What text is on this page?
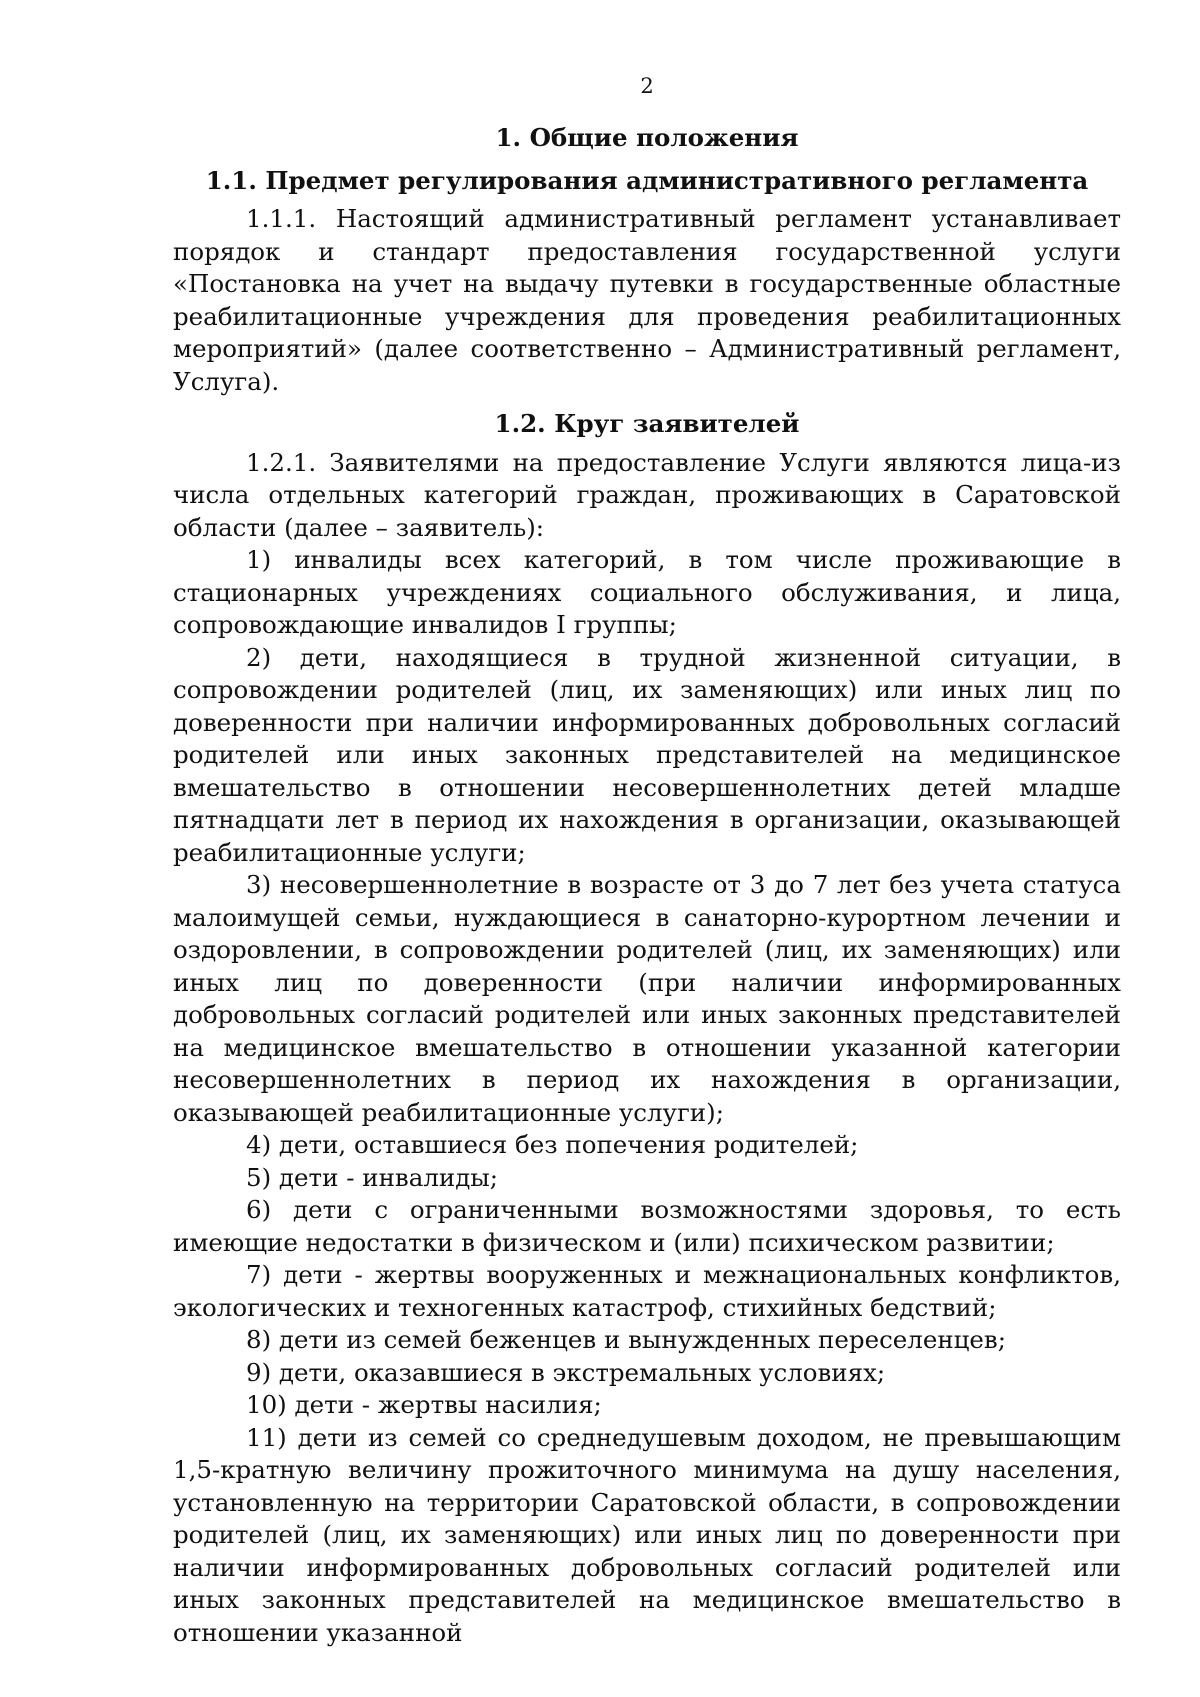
2

1. Общие положения

1.1. Предмет регулирования административного регламента

1.1.1. Настоящий административный регламент устанавливает порядок и стандарт предоставления государственной услуги «Постановка на учет на выдачу путевки в государственные областные реабилитационные учреждения для проведения реабилитационных мероприятий» (далее соответственно – Административный регламент, Услуга).

1.2. Круг заявителей

1.2.1. Заявителями на предоставление Услуги являются лица-из числа отдельных категорий граждан, проживающих в Саратовской области (далее – заявитель):

1) инвалиды всех категорий, в том числе проживающие в стационарных учреждениях социального обслуживания, и лица, сопровождающие инвалидов I группы;

2) дети, находящиеся в трудной жизненной ситуации, в сопровождении родителей (лиц, их заменяющих) или иных лиц по доверенности при наличии информированных добровольных согласий родителей или иных законных представителей на медицинское вмешательство в отношении несовершеннолетних детей младше пятнадцати лет в период их нахождения в организации, оказывающей реабилитационные услуги;

3) несовершеннолетние в возрасте от 3 до 7 лет без учета статуса малоимущей семьи, нуждающиеся в санаторно-курортном лечении и оздоровлении, в сопровождении родителей (лиц, их заменяющих) или иных лиц по доверенности (при наличии информированных добровольных согласий родителей или иных законных представителей на медицинское вмешательство в отношении указанной категории несовершеннолетних в период их нахождения в организации, оказывающей реабилитационные услуги);

4) дети, оставшиеся без попечения родителей;

5) дети - инвалиды;

6) дети с ограниченными возможностями здоровья, то есть имеющие недостатки в физическом и (или) психическом развитии;

7) дети - жертвы вооруженных и межнациональных конфликтов, экологических и техногенных катастроф, стихийных бедствий;

8) дети из семей беженцев и вынужденных переселенцев;

9) дети, оказавшиеся в экстремальных условиях;

10) дети - жертвы насилия;

11) дети из семей со среднедушевым доходом, не превышающим 1,5-кратную величину прожиточного минимума на душу населения, установленную на территории Саратовской области, в сопровождении родителей (лиц, их заменяющих) или иных лиц по доверенности при наличии информированных добровольных согласий родителей или иных законных представителей на медицинское вмешательство в отношении указанной
